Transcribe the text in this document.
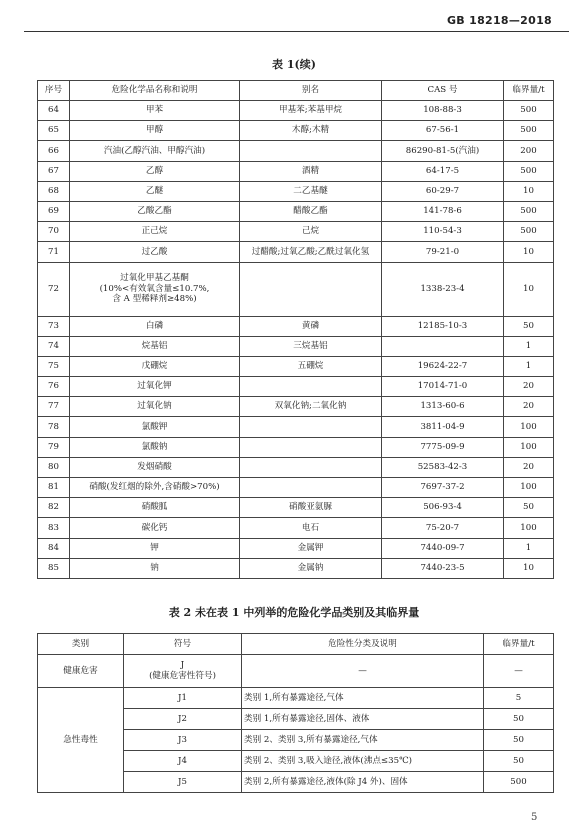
GB 18218—2018
表 1(续)
序号	危险化学品名称和说明	别名	CAS 号	临界量/t
64	甲苯	甲基苯;苯基甲烷	108-88-3	500
65	甲醇	木醇;木精	67-56-1	500
66	汽油(乙醇汽油、甲醇汽油)		86290-81-5(汽油)	200
67	乙醇	酒精	64-17-5	500
68	乙醚	二乙基醚	60-29-7	10
69	乙酸乙酯	醋酸乙酯	141-78-6	500
70	正己烷	己烷	110-54-3	500
71	过乙酸	过醋酸;过氧乙酸;乙酰过氧化氢	79-21-0	10
72	过氧化甲基乙基酮
(10%<有效氧含量≤10.7%,
含 A 型稀释剂≥48%)		1338-23-4	10
73	白磷	黄磷	12185-10-3	50
74	烷基铝	三烷基铝		1
75	戊硼烷	五硼烷	19624-22-7	1
76	过氧化钾		17014-71-0	20
77	过氧化钠	双氧化钠;二氧化钠	1313-60-6	20
78	氯酸钾		3811-04-9	100
79	氯酸钠		7775-09-9	100
80	发烟硝酸		52583-42-3	20
81	硝酸(发红烟的除外,含硝酸>70%)		7697-37-2	100
82	硝酸胍	硝酸亚氨脲	506-93-4	50
83	碳化钙	电石	75-20-7	100
84	钾	金属钾	7440-09-7	1
85	钠	金属钠	7440-23-5	10
表 2 未在表 1 中列举的危险化学品类别及其临界量
类别	符号	危险性分类及说明	临界量/t
健康危害	J
(健康危害性符号)	—	—
急性毒性	J1	类别 1,所有暴露途径,气体	5
	J2	类别 1,所有暴露途径,固体、液体	50
	J3	类别 2、类别 3,所有暴露途径,气体	50
	J4	类别 2、类别 3,吸入途径,液体(沸点≤35℃)	50
	J5	类别 2,所有暴露途径,液体(除 J4 外)、固体	500
5
